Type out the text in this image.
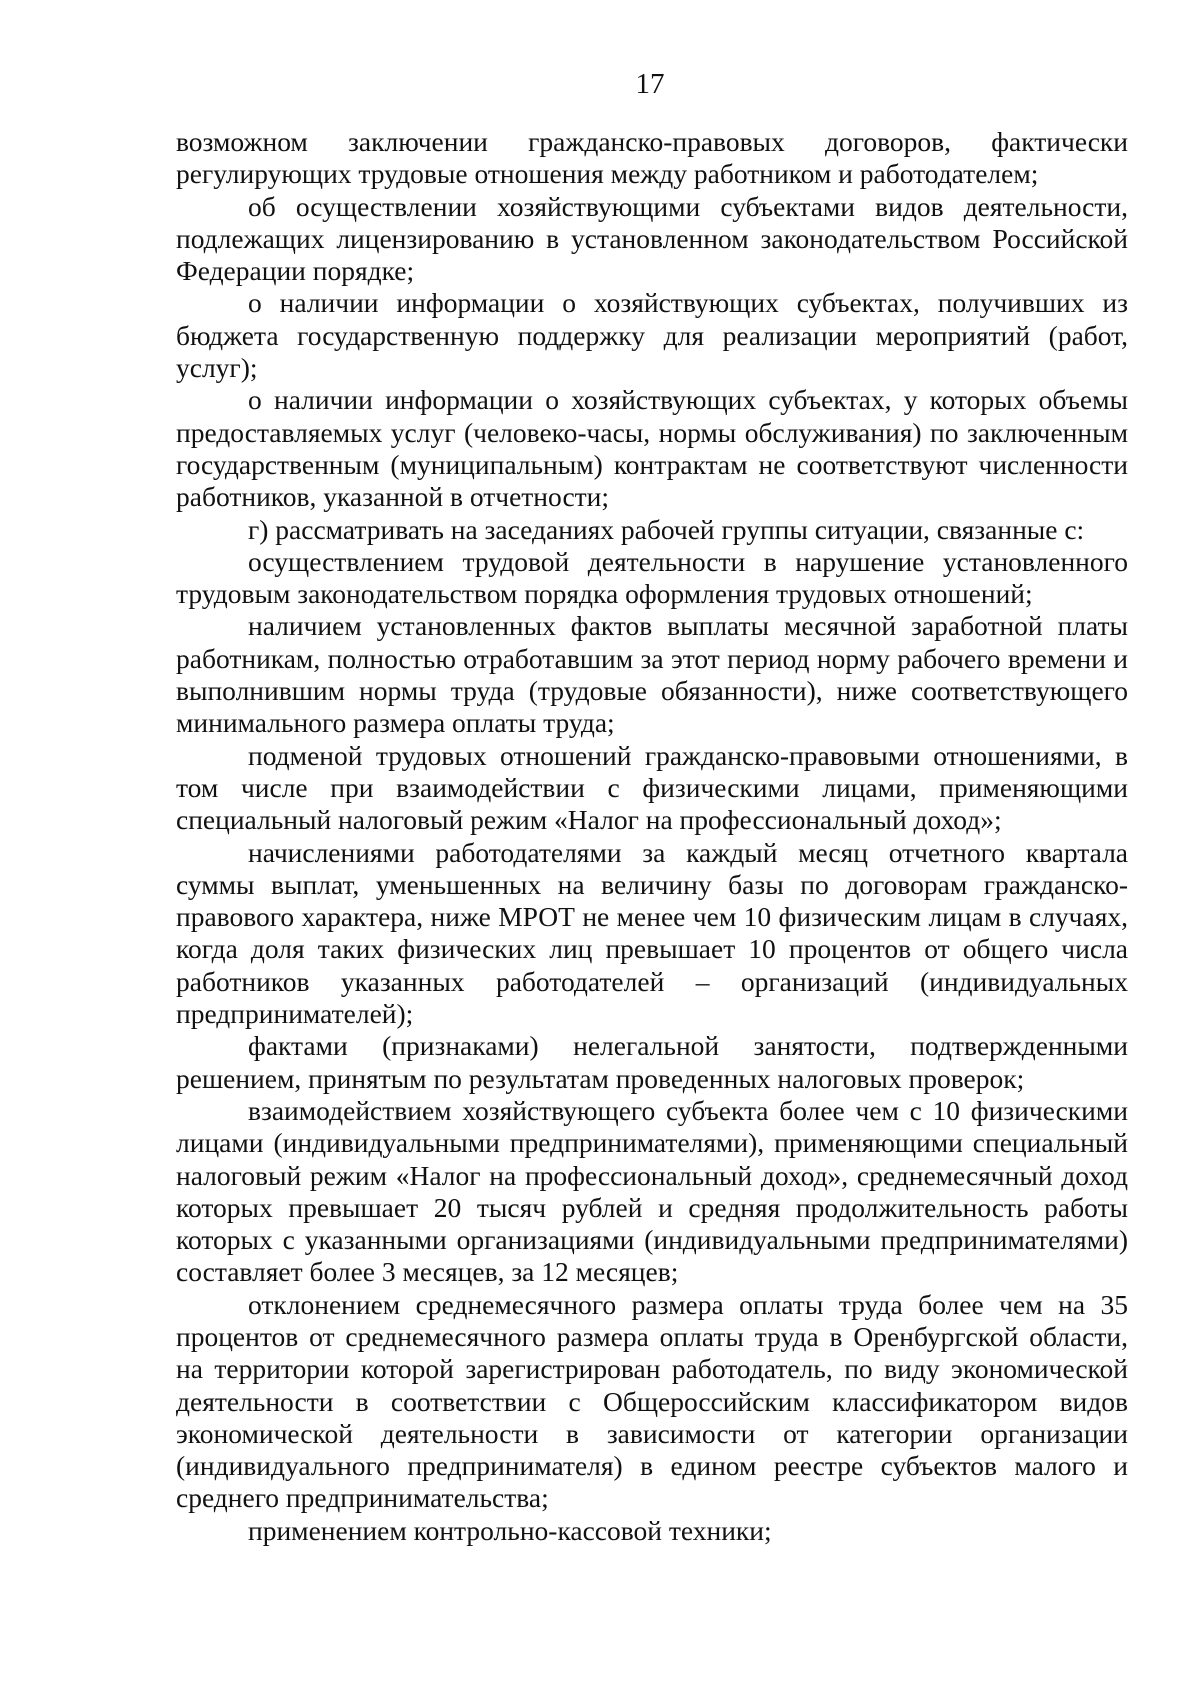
17

возможном заключении гражданско-правовых договоров, фактически регулирующих трудовые отношения между работником и работодателем;

об осуществлении хозяйствующими субъектами видов деятельности, подлежащих лицензированию в установленном законодательством Российской Федерации порядке;

о наличии информации о хозяйствующих субъектах, получивших из бюджета государственную поддержку для реализации мероприятий (работ, услуг);

о наличии информации о хозяйствующих субъектах, у которых объемы предоставляемых услуг (человеко-часы, нормы обслуживания) по заключенным государственным (муниципальным) контрактам не соответствуют численности работников, указанной в отчетности;

г) рассматривать на заседаниях рабочей группы ситуации, связанные с:

осуществлением трудовой деятельности в нарушение установленного трудовым законодательством порядка оформления трудовых отношений;

наличием установленных фактов выплаты месячной заработной платы работникам, полностью отработавшим за этот период норму рабочего времени и выполнившим нормы труда (трудовые обязанности), ниже соответствующего минимального размера оплаты труда;

подменой трудовых отношений гражданско-правовыми отношениями, в том числе при взаимодействии с физическими лицами, применяющими специальный налоговый режим «Налог на профессиональный доход»;

начислениями работодателями за каждый месяц отчетного квартала суммы выплат, уменьшенных на величину базы по договорам гражданско-правового характера, ниже МРОТ не менее чем 10 физическим лицам в случаях, когда доля таких физических лиц превышает 10 процентов от общего числа работников указанных работодателей – организаций (индивидуальных предпринимателей);

фактами (признаками) нелегальной занятости, подтвержденными решением, принятым по результатам проведенных налоговых проверок;

взаимодействием хозяйствующего субъекта более чем с 10 физическими лицами (индивидуальными предпринимателями), применяющими специальный налоговый режим «Налог на профессиональный доход», среднемесячный доход которых превышает 20 тысяч рублей и средняя продолжительность работы которых с указанными организациями (индивидуальными предпринимателями) составляет более 3 месяцев, за 12 месяцев;

отклонением среднемесячного размера оплаты труда более чем на 35 процентов от среднемесячного размера оплаты труда в Оренбургской области, на территории которой зарегистрирован работодатель, по виду экономической деятельности в соответствии с Общероссийским классификатором видов экономической деятельности в зависимости от категории организации (индивидуального предпринимателя) в едином реестре субъектов малого и среднего предпринимательства;

применением контрольно-кассовой техники;
